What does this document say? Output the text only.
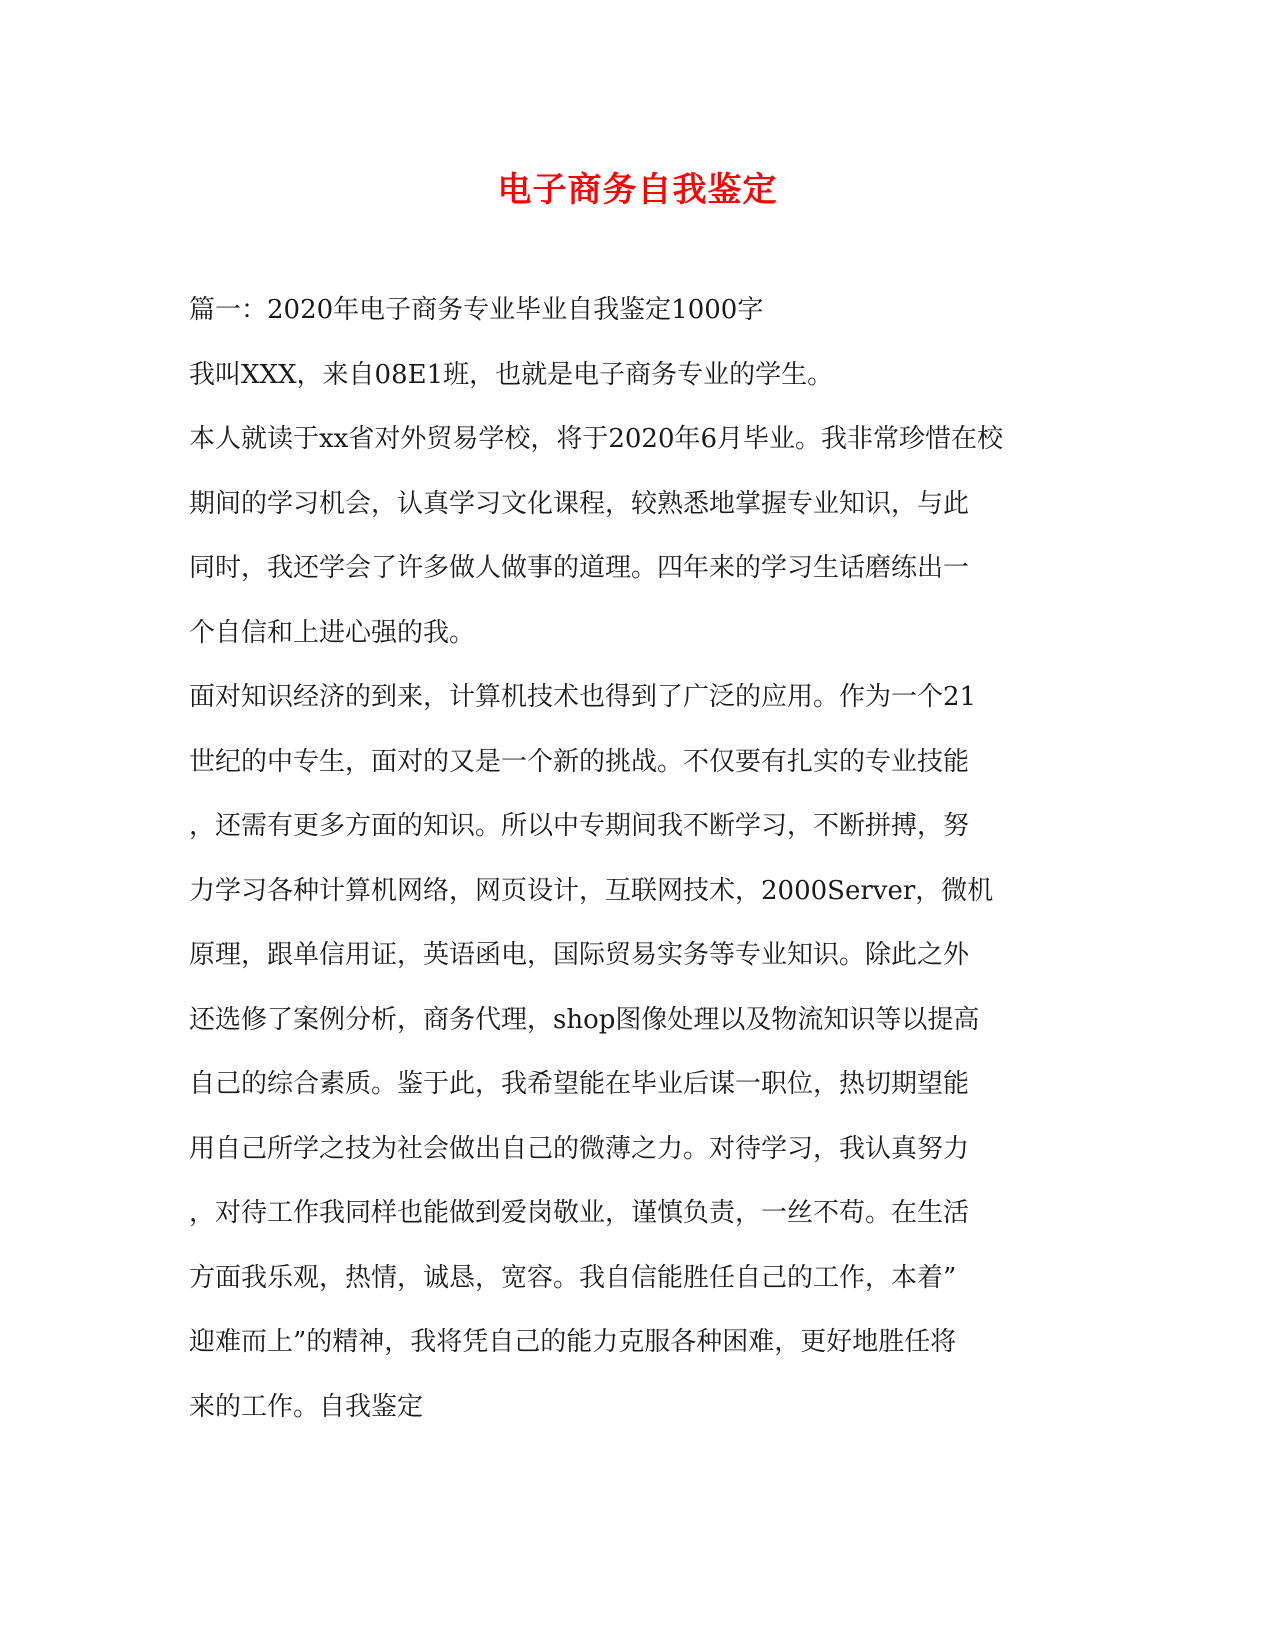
电子商务自我鉴定

篇一：2020年电子商务专业毕业自我鉴定1000字

我叫XXX，来自08E1班，也就是电子商务专业的学生。

本人就读于xx省对外贸易学校，将于2020年6月毕业。我非常珍惜在校

期间的学习机会，认真学习文化课程，较熟悉地掌握专业知识，与此

同时，我还学会了许多做人做事的道理。四年来的学习生话磨练出一

个自信和上进心强的我。

面对知识经济的到来，计算机技术也得到了广泛的应用。作为一个21

世纪的中专生，面对的又是一个新的挑战。不仅要有扎实的专业技能

，还需有更多方面的知识。所以中专期间我不断学习，不断拼搏，努

力学习各种计算机网络，网页设计，互联网技术，2000Server，微机

原理，跟单信用证，英语函电，国际贸易实务等专业知识。除此之外

还选修了案例分析，商务代理，shop图像处理以及物流知识等以提高

自己的综合素质。鉴于此，我希望能在毕业后谋一职位，热切期望能

用自己所学之技为社会做出自己的微薄之力。对待学习，我认真努力

，对待工作我同样也能做到爱岗敬业，谨慎负责，一丝不苟。在生活

方面我乐观，热情，诚恳，宽容。我自信能胜任自己的工作，本着”

迎难而上”的精神，我将凭自己的能力克服各种困难，更好地胜任将

来的工作。自我鉴定
